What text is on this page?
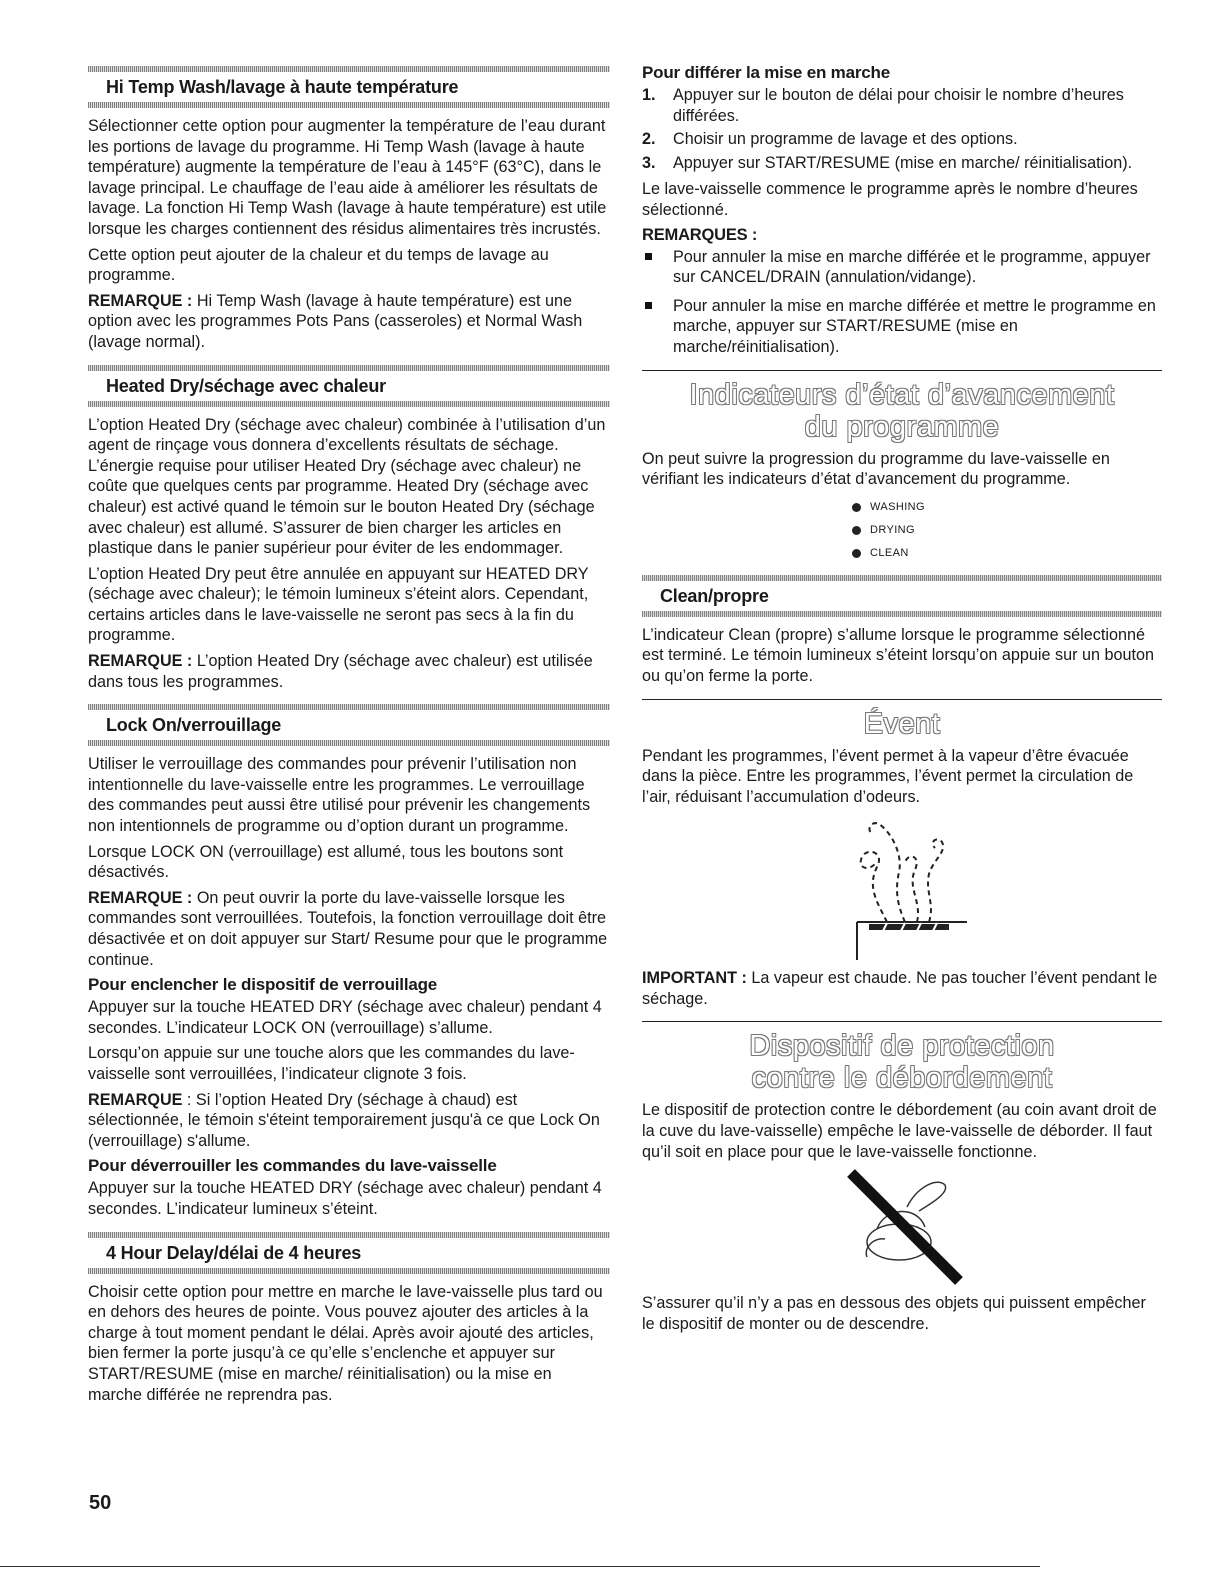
Hi Temp Wash/lavage à haute température

Sélectionner cette option pour augmenter la température de l’eau durant les portions de lavage du programme. Hi Temp Wash (lavage à haute température) augmente la température de l’eau à 145°F (63°C), dans le lavage principal. Le chauffage de l’eau aide à améliorer les résultats de lavage. La fonction Hi Temp Wash (lavage à haute température) est utile lorsque les charges contiennent des résidus alimentaires très incrustés.

Cette option peut ajouter de la chaleur et du temps de lavage au programme.

REMARQUE : Hi Temp Wash (lavage à haute température) est une option avec les programmes Pots Pans (casseroles) et Normal Wash (lavage normal).

Heated Dry/séchage avec chaleur

L’option Heated Dry (séchage avec chaleur) combinée à l’utilisation d’un agent de rinçage vous donnera d’excellents résultats de séchage. L’énergie requise pour utiliser Heated Dry (séchage avec chaleur) ne coûte que quelques cents par programme. Heated Dry (séchage avec chaleur) est activé quand le témoin sur le bouton Heated Dry (séchage avec chaleur) est allumé. S’assurer de bien charger les articles en plastique dans le panier supérieur pour éviter de les endommager.

L’option Heated Dry peut être annulée en appuyant sur HEATED DRY (séchage avec chaleur); le témoin lumineux s’éteint alors. Cependant, certains articles dans le lave-vaisselle ne seront pas secs à la fin du programme.

REMARQUE : L’option Heated Dry (séchage avec chaleur) est utilisée dans tous les programmes.

Lock On/verrouillage

Utiliser le verrouillage des commandes pour prévenir l’utilisation non intentionnelle du lave-vaisselle entre les programmes. Le verrouillage des commandes peut aussi être utilisé pour prévenir les changements non intentionnels de programme ou d’option durant un programme.

Lorsque LOCK ON (verrouillage) est allumé, tous les boutons sont désactivés.

REMARQUE : On peut ouvrir la porte du lave-vaisselle lorsque les commandes sont verrouillées. Toutefois, la fonction verrouillage doit être désactivée et on doit appuyer sur Start/ Resume pour que le programme continue.

Pour enclencher le dispositif de verrouillage

Appuyer sur la touche HEATED DRY (séchage avec chaleur) pendant 4 secondes. L’indicateur LOCK ON (verrouillage) s’allume.

Lorsqu’on appuie sur une touche alors que les commandes du lave-vaisselle sont verrouillées, l’indicateur clignote 3 fois.

REMARQUE : Si l’option Heated Dry (séchage à chaud) est sélectionnée, le témoin s'éteint temporairement jusqu'à ce que Lock On (verrouillage) s'allume.

Pour déverrouiller les commandes du lave-vaisselle

Appuyer sur la touche HEATED DRY (séchage avec chaleur) pendant 4 secondes. L’indicateur lumineux s’éteint.

4 Hour Delay/délai de 4 heures

Choisir cette option pour mettre en marche le lave-vaisselle plus tard ou en dehors des heures de pointe. Vous pouvez ajouter des articles à la charge à tout moment pendant le délai. Après avoir ajouté des articles, bien fermer la porte jusqu’à ce qu’elle s’enclenche et appuyer sur START/RESUME (mise en marche/ réinitialisation) ou la mise en marche différée ne reprendra pas.

Pour différer la mise en marche
1. Appuyer sur le bouton de délai pour choisir le nombre d’heures différées.
2. Choisir un programme de lavage et des options.
3. Appuyer sur START/RESUME (mise en marche/ réinitialisation).

Le lave-vaisselle commence le programme après le nombre d’heures sélectionné.

REMARQUES :
Pour annuler la mise en marche différée et le programme, appuyer sur CANCEL/DRAIN (annulation/vidange).
Pour annuler la mise en marche différée et mettre le programme en marche, appuyer sur START/RESUME (mise en marche/réinitialisation).
Indicateurs d’état d’avancement
du programme

On peut suivre la progression du programme du lave-vaisselle en vérifiant les indicateurs d’état d’avancement du programme.

WASHING
DRYING
CLEAN
Clean/propre

L’indicateur Clean (propre) s’allume lorsque le programme sélectionné est terminé. Le témoin lumineux s’éteint lorsqu’on appuie sur un bouton ou qu’on ferme la porte.

Évent

Pendant les programmes, l’évent permet à la vapeur d’être évacuée dans la pièce. Entre les programmes, l’évent permet la circulation de l’air, réduisant l’accumulation d’odeurs.

IMPORTANT : La vapeur est chaude. Ne pas toucher l’évent pendant le séchage.

Dispositif de protection
contre le débordement

Le dispositif de protection contre le débordement (au coin avant droit de la cuve du lave-vaisselle) empêche le lave-vaisselle de déborder. Il faut qu’il soit en place pour que le lave-vaisselle fonctionne.

S’assurer qu’il n’y a pas en dessous des objets qui puissent empêcher le dispositif de monter ou de descendre.

50
